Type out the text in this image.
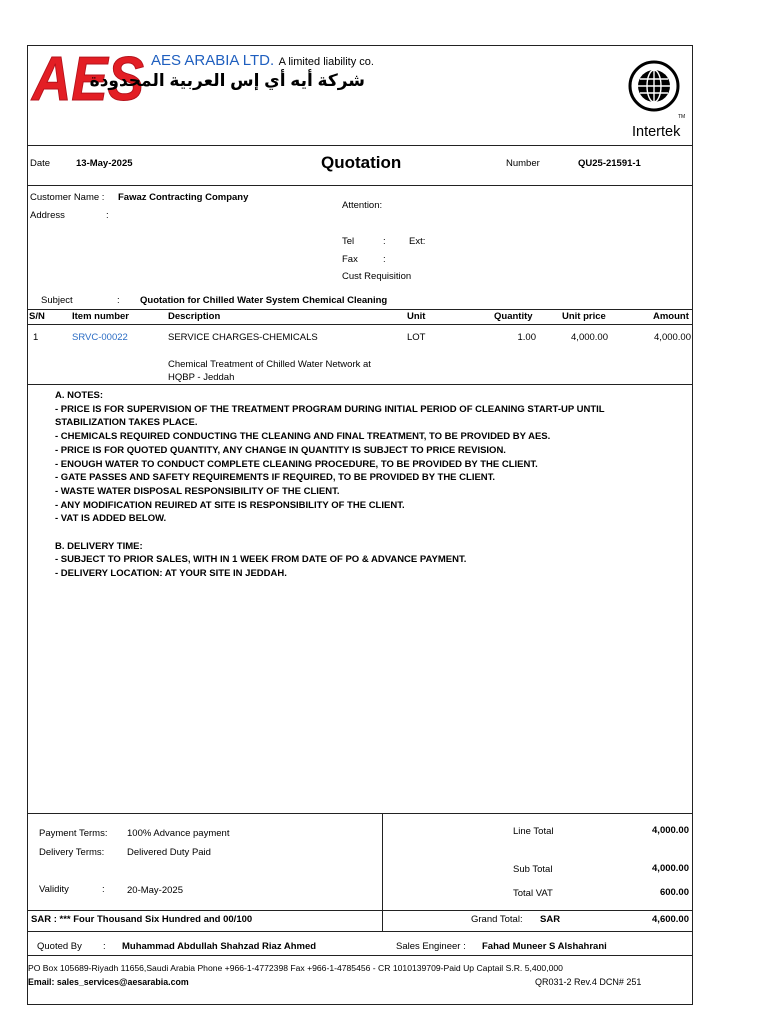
AES AES ARABIA LTD. A limited liability co.
شركة أيه أي إس العربية المحدودة
TM
Intertek
Date	13-May-2025	Quotation	Number	QU25-21591-1
Customer Name : Fawaz Contracting Company
Address	:
Attention:
Tel	: Ext:
Fax	:
Cust Requisition
Subject	: Quotation for Chilled Water System Chemical Cleaning
S/N	Item number	Description	Unit	Quantity	Unit price	Amount
1	SRVC-00022	SERVICE CHARGES-CHEMICALS	LOT	1.00	4,000.00	4,000.00
Chemical Treatment of Chilled Water Network at
HQBP - Jeddah
A. NOTES:
- PRICE IS FOR SUPERVISION OF THE TREATMENT PROGRAM DURING INITIAL PERIOD OF CLEANING START-UP UNTIL
STABILIZATION TAKES PLACE.
- CHEMICALS REQUIRED CONDUCTING THE CLEANING AND FINAL TREATMENT, TO BE PROVIDED BY AES.
- PRICE IS FOR QUOTED QUANTITY, ANY CHANGE IN QUANTITY IS SUBJECT TO PRICE REVISION.
- ENOUGH WATER TO CONDUCT COMPLETE CLEANING PROCEDURE, TO BE PROVIDED BY THE CLIENT.
- GATE PASSES AND SAFETY REQUIREMENTS IF REQUIRED, TO BE PROVIDED BY THE CLIENT.
- WASTE WATER DISPOSAL RESPONSIBILITY OF THE CLIENT.
- ANY MODIFICATION REUIRED AT SITE IS RESPONSIBILITY OF THE CLIENT.
- VAT IS ADDED BELOW.
B. DELIVERY TIME:
- SUBJECT TO PRIOR SALES, WITH IN 1 WEEK FROM DATE OF PO & ADVANCE PAYMENT.
- DELIVERY LOCATION: AT YOUR SITE IN JEDDAH.
Payment Terms: 100% Advance payment
Delivery Terms: Delivered Duty Paid
Validity	: 20-May-2025
Line Total	4,000.00
Sub Total	4,000.00
Total VAT	600.00
SAR : *** Four Thousand Six Hundred and 00/100	Grand Total: SAR	4,600.00
Quoted By : Muhammad Abdullah Shahzad Riaz Ahmed	Sales Engineer : Fahad Muneer S Alshahrani
PO Box 105689-Riyadh 11656,Saudi Arabia Phone +966-1-4772398 Fax +966-1-4785456 - CR 1010139709-Paid Up Captail S.R. 5,400,000
Email: sales_services@aesarabia.com	QR031-2 Rev.4 DCN# 251
